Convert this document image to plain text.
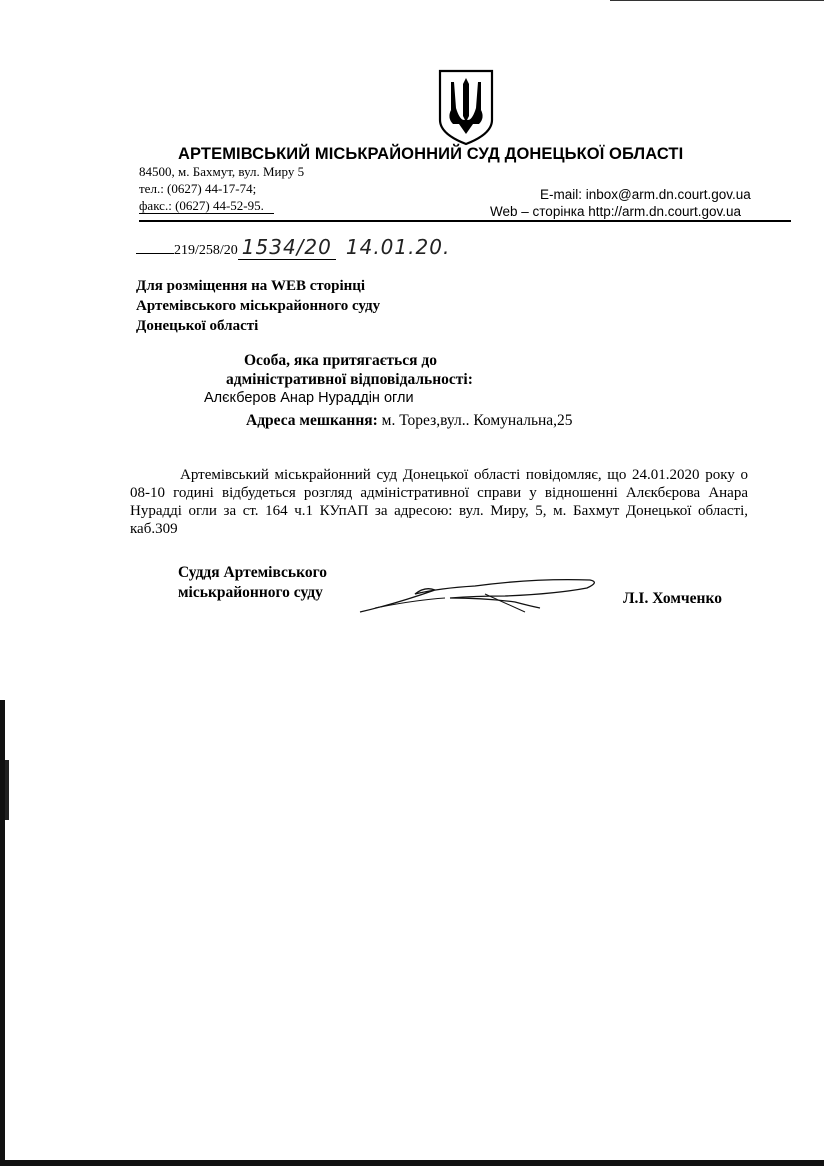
АРТЕМІВСЬКИЙ МІСЬКРАЙОННИЙ СУД ДОНЕЦЬКОЇ ОБЛАСТІ
84500, м. Бахмут, вул. Миру 5
тел.: (0627) 44-17-74;	E-mail: inbox@arm.dn.court.gov.ua
факс.: (0627) 44-52-95.	Web – сторінка http://arm.dn.court.gov.ua
219/258/20 1534/20 14.01.20.
Для розміщення на WEB сторінці
Артемівського міськрайонного суду
Донецької області
Особа, яка притягається до
адміністративної відповідальності:
Алєкберов Анар Нураддін огли
Адреса мешкання: м. Торез,вул.. Комунальна,25
Артемівський міськрайонний суд Донецької області повідомляє, що 24.01.2020 року о 08-10 годині відбудеться розгляд адміністративної справи у відношенні Алєкбєрова Анара Нурадді огли за ст. 164 ч.1 КУпАП за адресою: вул. Миру, 5, м. Бахмут Донецької області, каб.309
Суддя Артемівського
міськрайонного суду	Л.І. Хомченко
